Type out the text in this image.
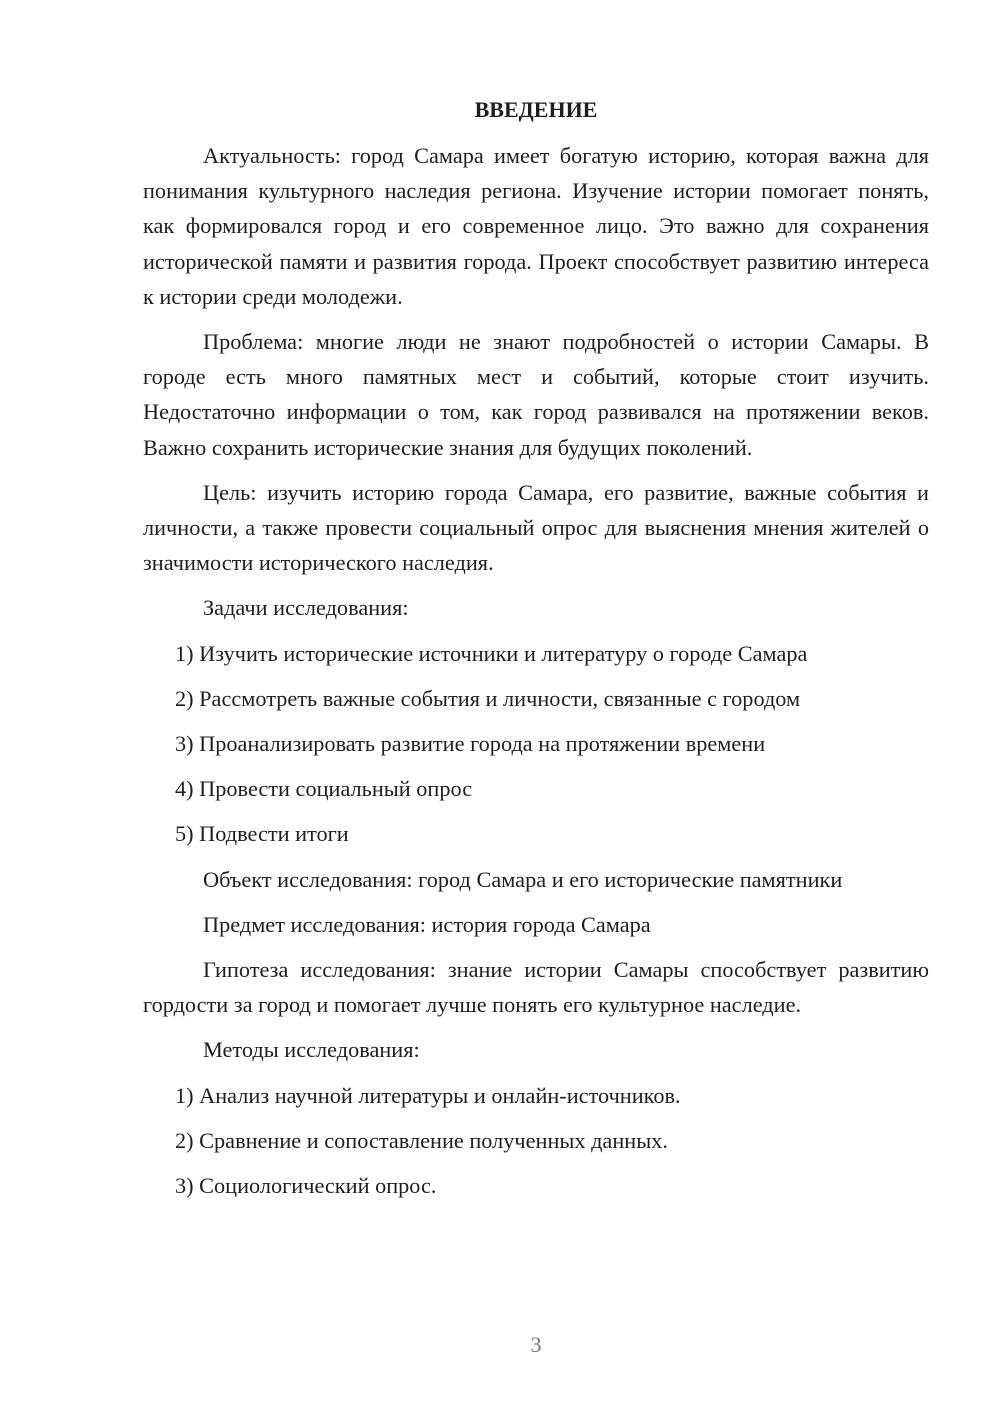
ВВЕДЕНИЕ

Актуальность: город Самара имеет богатую историю, которая важна для понимания культурного наследия региона. Изучение истории помогает понять, как формировался город и его современное лицо. Это важно для сохранения исторической памяти и развития города. Проект способствует развитию интереса к истории среди молодежи.

Проблема: многие люди не знают подробностей о истории Самары. В городе есть много памятных мест и событий, которые стоит изучить. Недостаточно информации о том, как город развивался на протяжении веков. Важно сохранить исторические знания для будущих поколений.

Цель: изучить историю города Самара, его развитие, важные события и личности, а также провести социальный опрос для выяснения мнения жителей о значимости исторического наследия.

Задачи исследования:

1) Изучить исторические источники и литературу о городе Самара
2) Рассмотреть важные события и личности, связанные с городом
3) Проанализировать развитие города на протяжении времени
4) Провести социальный опрос
5) Подвести итоги

Объект исследования: город Самара и его исторические памятники

Предмет исследования: история города Самара

Гипотеза исследования: знание истории Самары способствует развитию гордости за город и помогает лучше понять его культурное наследие.

Методы исследования:

1) Анализ научной литературы и онлайн-источников.
2) Сравнение и сопоставление полученных данных.
3) Социологический опрос.
3
